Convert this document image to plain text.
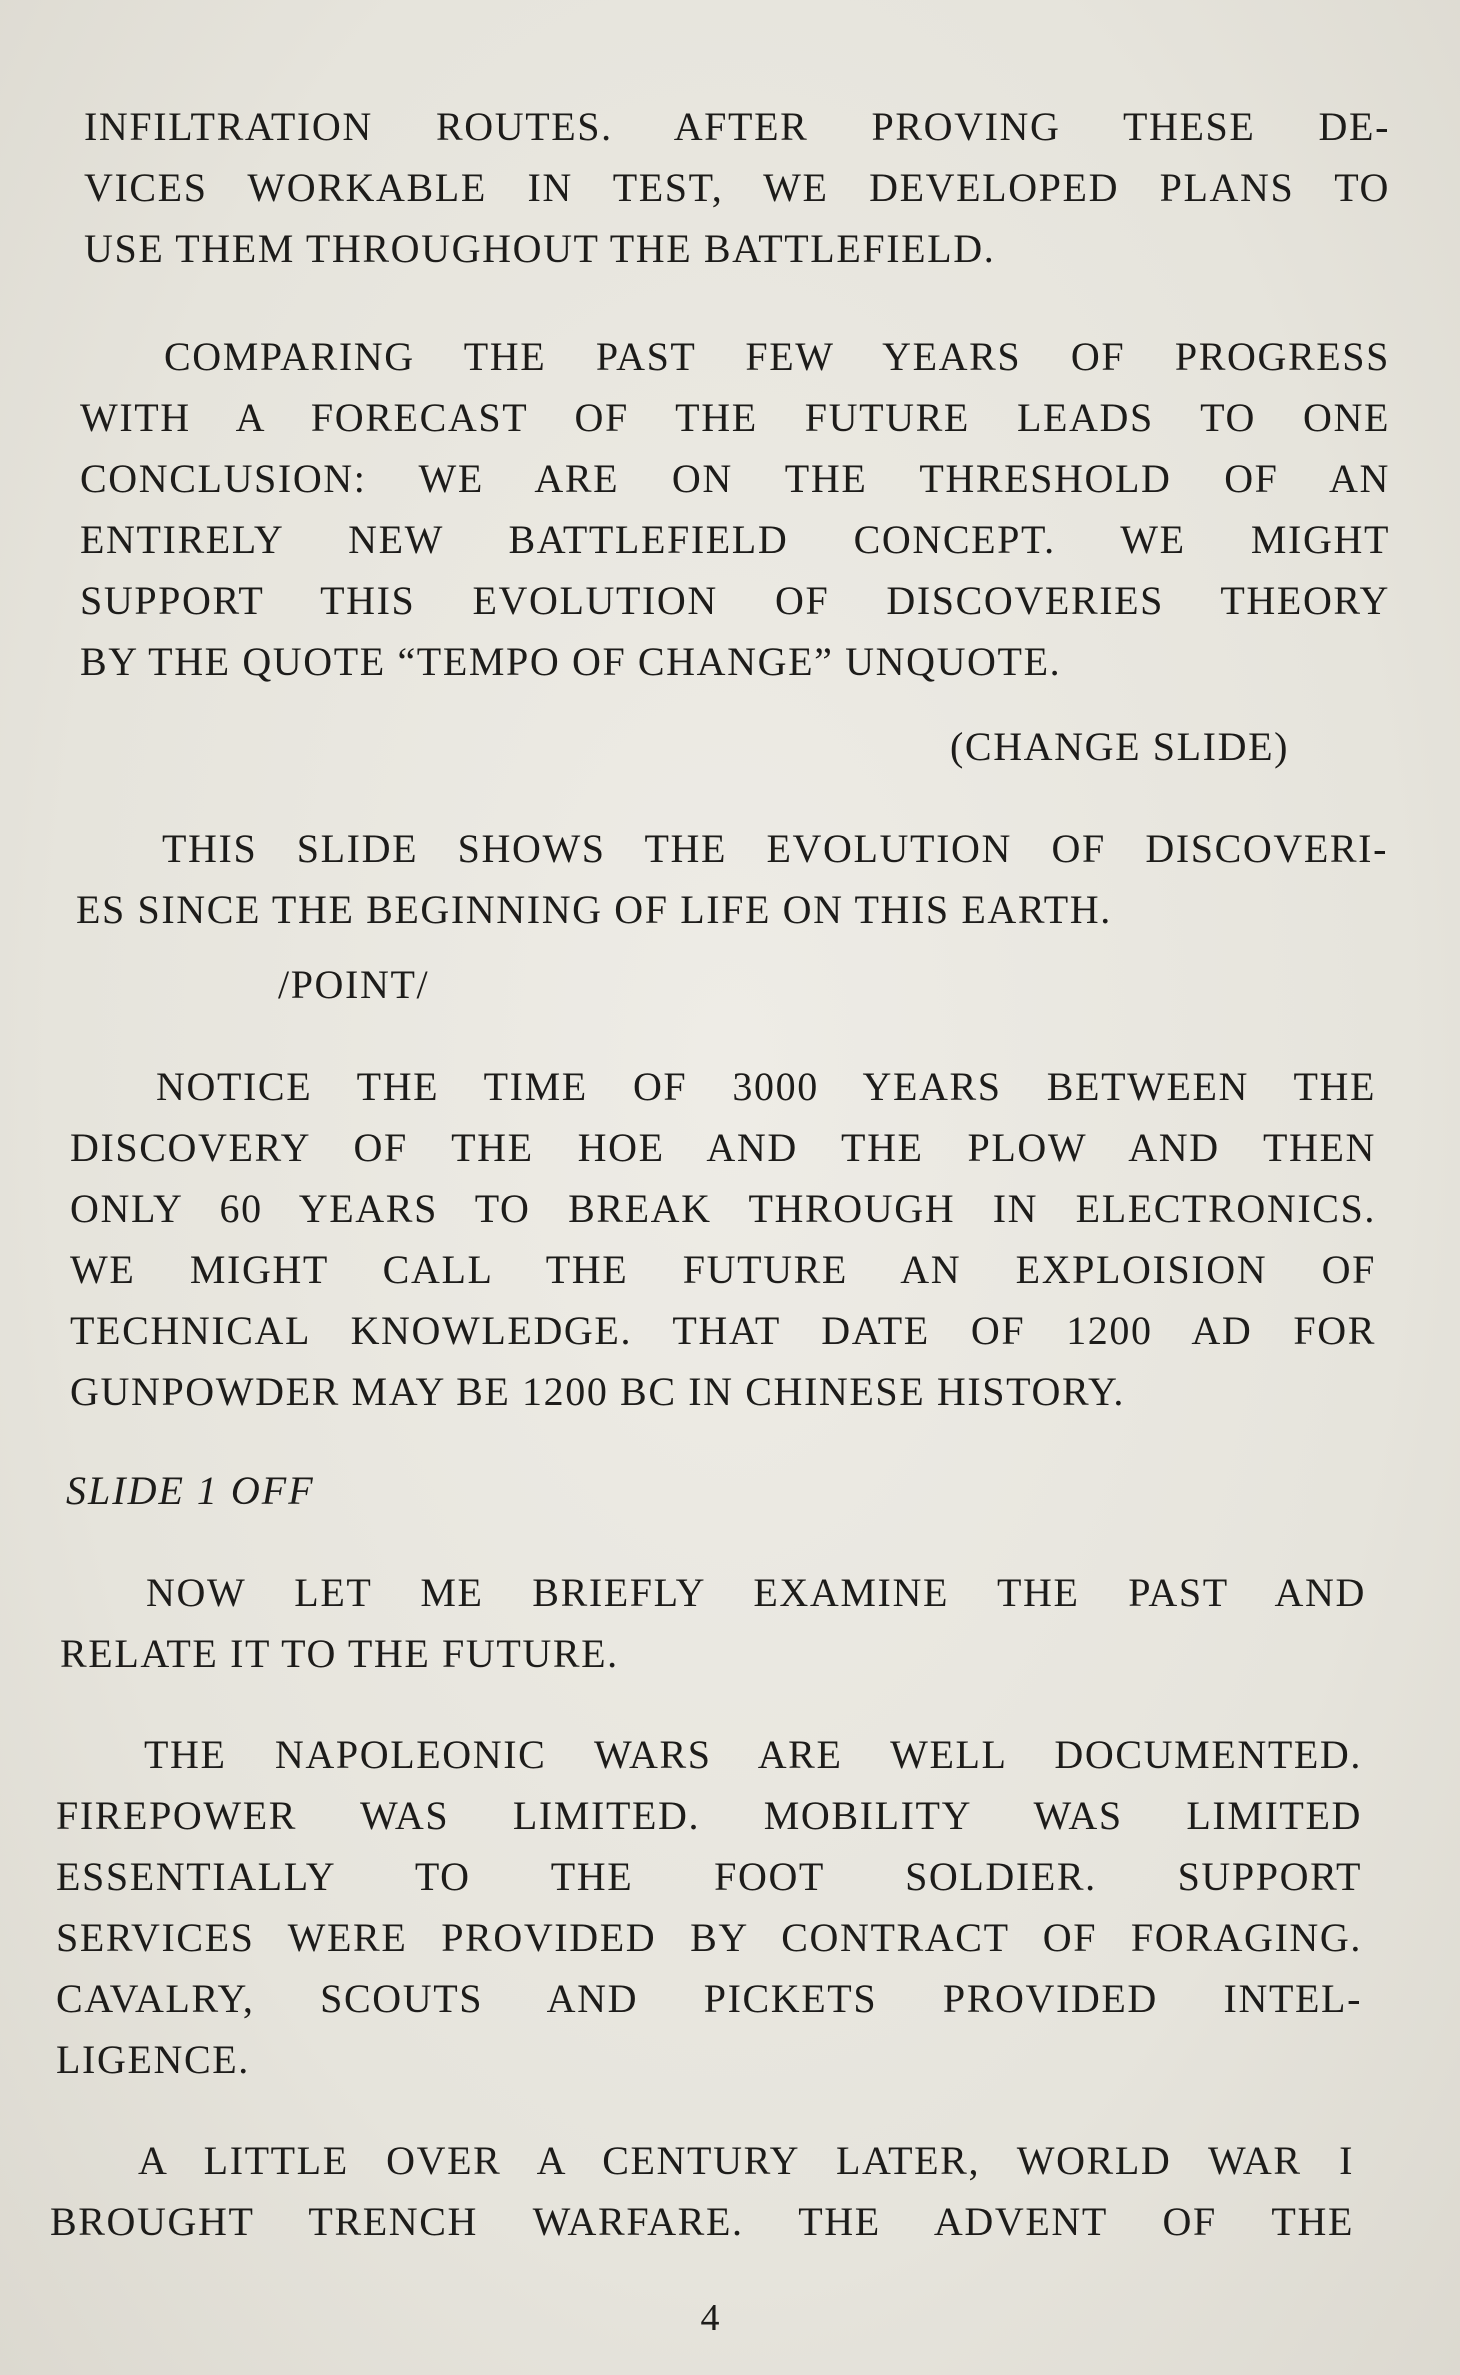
INFILTRATION ROUTES. AFTER PROVING THESE DE-
VICES WORKABLE IN TEST, WE DEVELOPED PLANS TO
USE THEM THROUGHOUT THE BATTLEFIELD.
COMPARING THE PAST FEW YEARS OF PROGRESS
WITH A FORECAST OF THE FUTURE LEADS TO ONE
CONCLUSION: WE ARE ON THE THRESHOLD OF AN
ENTIRELY NEW BATTLEFIELD CONCEPT. WE MIGHT
SUPPORT THIS EVOLUTION OF DISCOVERIES THEORY
BY THE QUOTE “TEMPO OF CHANGE” UNQUOTE.
(CHANGE SLIDE)
THIS SLIDE SHOWS THE EVOLUTION OF DISCOVERI-
ES SINCE THE BEGINNING OF LIFE ON THIS EARTH.
/POINT/
NOTICE THE TIME OF 3000 YEARS BETWEEN THE
DISCOVERY OF THE HOE AND THE PLOW AND THEN
ONLY 60 YEARS TO BREAK THROUGH IN ELECTRONICS.
WE MIGHT CALL THE FUTURE AN EXPLOISION OF
TECHNICAL KNOWLEDGE. THAT DATE OF 1200 AD FOR
GUNPOWDER MAY BE 1200 BC IN CHINESE HISTORY.
SLIDE 1 OFF
NOW LET ME BRIEFLY EXAMINE THE PAST AND
RELATE IT TO THE FUTURE.
THE NAPOLEONIC WARS ARE WELL DOCUMENTED.
FIREPOWER WAS LIMITED. MOBILITY WAS LIMITED
ESSENTIALLY TO THE FOOT SOLDIER. SUPPORT
SERVICES WERE PROVIDED BY CONTRACT OF FORAGING.
CAVALRY, SCOUTS AND PICKETS PROVIDED INTEL-
LIGENCE.
A LITTLE OVER A CENTURY LATER, WORLD WAR I
BROUGHT TRENCH WARFARE. THE ADVENT OF THE
4
